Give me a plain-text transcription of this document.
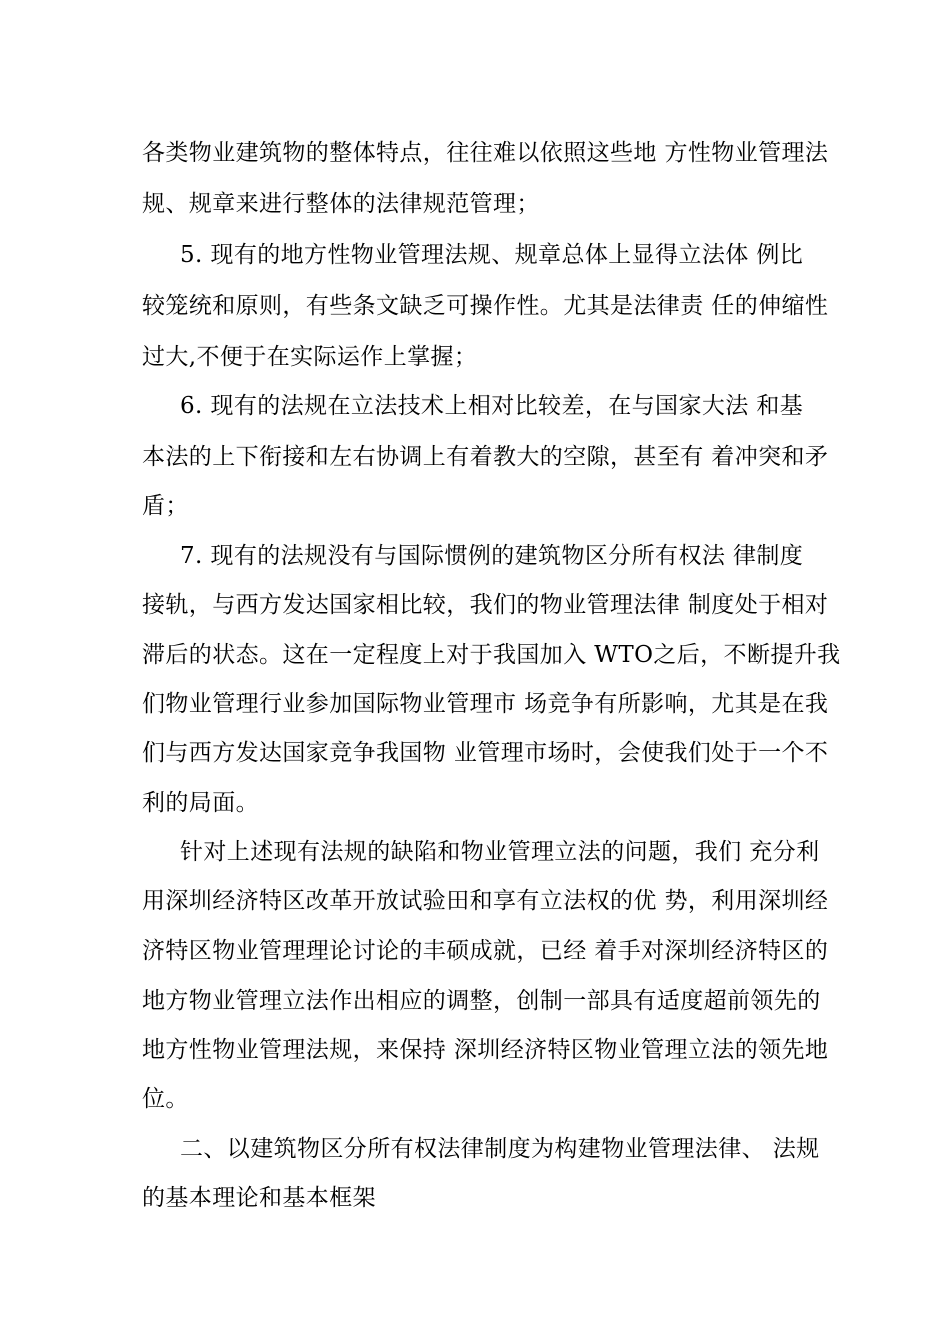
各类物业建筑物的整体特点，往往难以依照这些地 方性物业管理法
规、规章来进行整体的法律规范管理；
5. 现有的地方性物业管理法规、规章总体上显得立法体 例比
较笼统和原则，有些条文缺乏可操作性。尤其是法律责 任的伸缩性
过大,不便于在实际运作上掌握；
6. 现有的法规在立法技术上相对比较差，在与国家大法 和基
本法的上下衔接和左右协调上有着教大的空隙，甚至有 着冲突和矛
盾；
7. 现有的法规没有与国际惯例的建筑物区分所有权法 律制度
接轨，与西方发达国家相比较，我们的物业管理法律 制度处于相对
滞后的状态。这在一定程度上对于我国加入 WTO之后，不断提升我
们物业管理行业参加国际物业管理市 场竞争有所影响，尤其是在我
们与西方发达国家竞争我国物 业管理市场时，会使我们处于一个不
利的局面。
针对上述现有法规的缺陷和物业管理立法的问题，我们 充分利
用深圳经济特区改革开放试验田和享有立法权的优 势，利用深圳经
济特区物业管理理论讨论的丰硕成就，已经 着手对深圳经济特区的
地方物业管理立法作出相应的调整，创制一部具有适度超前领先的
地方性物业管理法规，来保持 深圳经济特区物业管理立法的领先地
位。
二、以建筑物区分所有权法律制度为构建物业管理法律、 法规
的基本理论和基本框架
